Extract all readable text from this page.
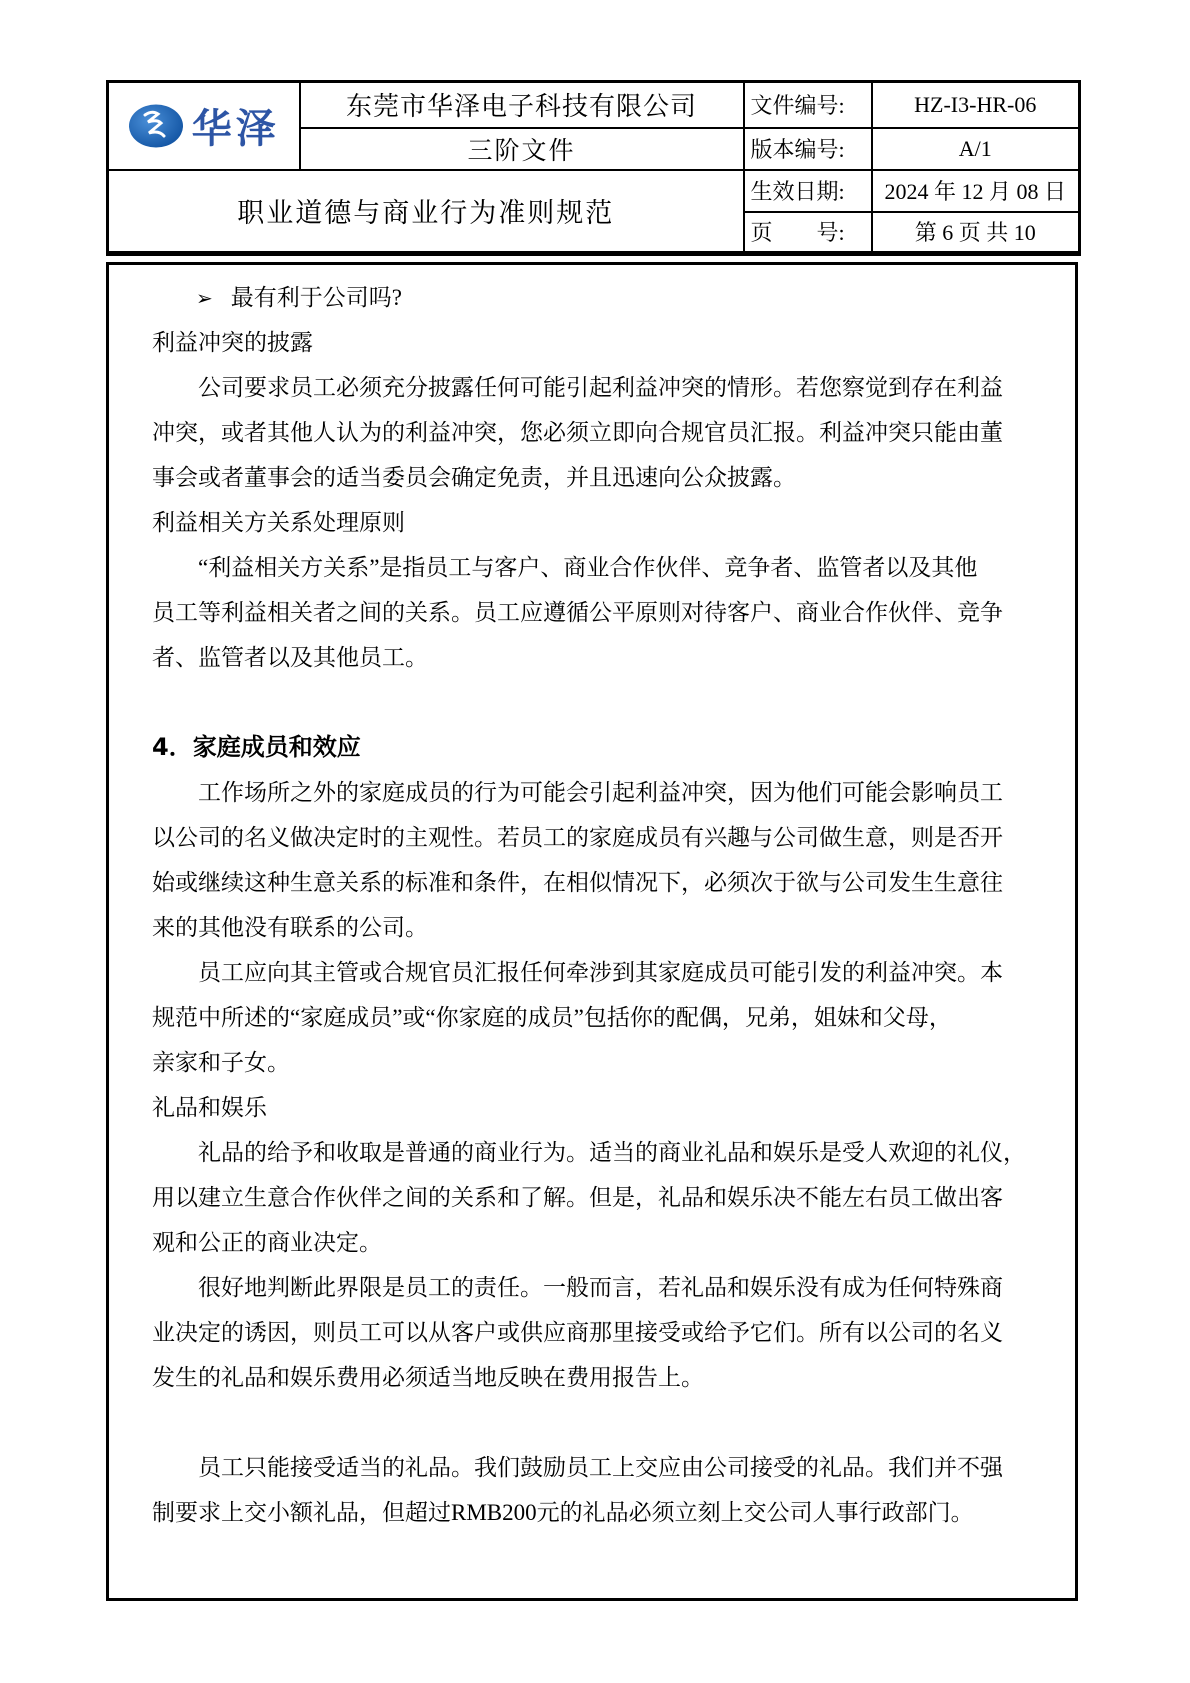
华泽	东莞市华泽电子科技有限公司	文件编号:	HZ-I3-HR-06
	三阶文件	版本编号:	A/1
职业道德与商业行为准则规范		生效日期:	2024 年 12 月 08 日
		页　　号:	第 6 页 共 10
➢ 最有利于公司吗?
利益冲突的披露
公司要求员工必须充分披露任何可能引起利益冲突的情形。若您察觉到存在利益
冲突，或者其他人认为的利益冲突，您必须立即向合规官员汇报。利益冲突只能由董
事会或者董事会的适当委员会确定免责，并且迅速向公众披露。
利益相关方关系处理原则
“利益相关方关系”是指员工与客户、商业合作伙伴、竞争者、监管者以及其他
员工等利益相关者之间的关系。员工应遵循公平原则对待客户、商业合作伙伴、竞争
者、监管者以及其他员工。
4．家庭成员和效应
工作场所之外的家庭成员的行为可能会引起利益冲突，因为他们可能会影响员工
以公司的名义做决定时的主观性。若员工的家庭成员有兴趣与公司做生意，则是否开
始或继续这种生意关系的标准和条件，在相似情况下，必须次于欲与公司发生生意往
来的其他没有联系的公司。
员工应向其主管或合规官员汇报任何牵涉到其家庭成员可能引发的利益冲突。本
规范中所述的“家庭成员”或“你家庭的成员”包括你的配偶，兄弟，姐妹和父母，
亲家和子女。
礼品和娱乐
礼品的给予和收取是普通的商业行为。适当的商业礼品和娱乐是受人欢迎的礼仪，
用以建立生意合作伙伴之间的关系和了解。但是，礼品和娱乐决不能左右员工做出客
观和公正的商业决定。
很好地判断此界限是员工的责任。一般而言，若礼品和娱乐没有成为任何特殊商
业决定的诱因，则员工可以从客户或供应商那里接受或给予它们。所有以公司的名义
发生的礼品和娱乐费用必须适当地反映在费用报告上。
员工只能接受适当的礼品。我们鼓励员工上交应由公司接受的礼品。我们并不强
制要求上交小额礼品，但超过RMB200元的礼品必须立刻上交公司人事行政部门。
